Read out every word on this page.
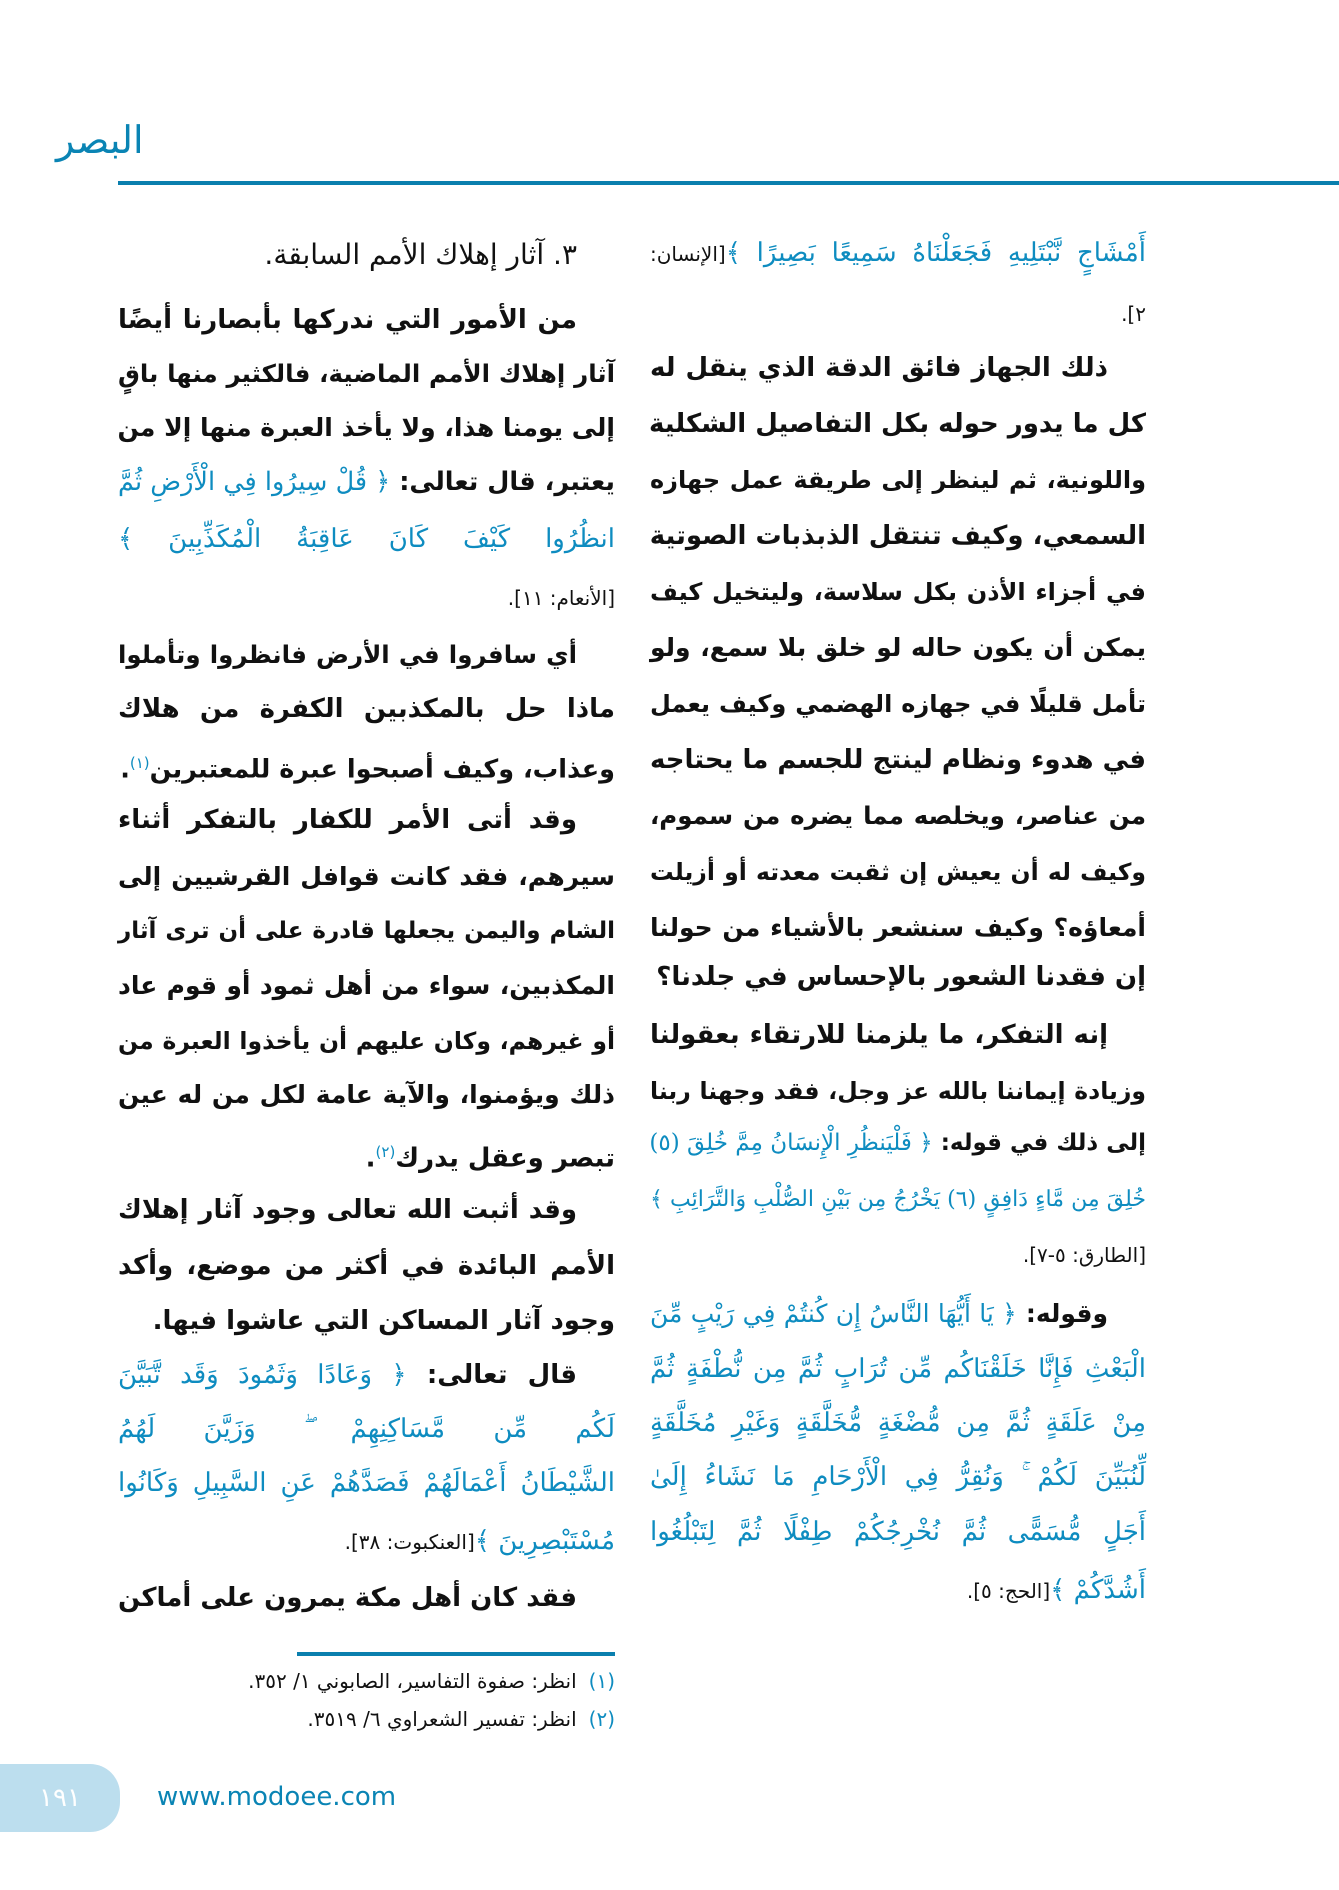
البصر
أَمْشَاجٍ نَّبْتَلِيهِ فَجَعَلْنَاهُ سَمِيعًا بَصِيرًا ﴾[الإنسان:
٢].
ذلك الجهاز فائق الدقة الذي ينقل له
كل ما يدور حوله بكل التفاصيل الشكلية
واللونية، ثم لينظر إلى طريقة عمل جهازه
السمعي، وكيف تنتقل الذبذبات الصوتية
في أجزاء الأذن بكل سلاسة، وليتخيل كيف
يمكن أن يكون حاله لو خلق بلا سمع، ولو
تأمل قليلًا في جهازه الهضمي وكيف يعمل
في هدوء ونظام لينتج للجسم ما يحتاجه
من عناصر، ويخلصه مما يضره من سموم،
وكيف له أن يعيش إن ثقبت معدته أو أزيلت
أمعاؤه؟ وكيف سنشعر بالأشياء من حولنا
إن فقدنا الشعور بالإحساس في جلدنا؟
إنه التفكر، ما يلزمنا للارتقاء بعقولنا
وزيادة إيماننا بالله عز وجل، فقد وجهنا ربنا
إلى ذلك في قوله: ﴿ فَلْيَنظُرِ الْإِنسَانُ مِمَّ خُلِقَ (٥)
خُلِقَ مِن مَّاءٍ دَافِقٍ (٦) يَخْرُجُ مِن بَيْنِ الصُّلْبِ وَالتَّرَائِبِ ﴾
[الطارق: ٥-٧].
وقوله: ﴿ يَا أَيُّهَا النَّاسُ إِن كُنتُمْ فِي رَيْبٍ مِّنَ
الْبَعْثِ فَإِنَّا خَلَقْنَاكُم مِّن تُرَابٍ ثُمَّ مِن نُّطْفَةٍ ثُمَّ
مِنْ عَلَقَةٍ ثُمَّ مِن مُّضْغَةٍ مُّخَلَّقَةٍ وَغَيْرِ مُخَلَّقَةٍ
لِّنُبَيِّنَ لَكُمْ ۚ وَنُقِرُّ فِي الْأَرْحَامِ مَا نَشَاءُ إِلَىٰ
أَجَلٍ مُّسَمًّى ثُمَّ نُخْرِجُكُمْ طِفْلًا ثُمَّ لِتَبْلُغُوا
أَشُدَّكُمْ ﴾[الحج: ٥].
٣. آثار إهلاك الأمم السابقة.
من الأمور التي ندركها بأبصارنا أيضًا
آثار إهلاك الأمم الماضية، فالكثير منها باقٍ
إلى يومنا هذا، ولا يأخذ العبرة منها إلا من
يعتبر، قال تعالى: ﴿ قُلْ سِيرُوا فِي الْأَرْضِ ثُمَّ
انظُرُوا كَيْفَ كَانَ عَاقِبَةُ الْمُكَذِّبِينَ ﴾
[الأنعام: ١١].
أي سافروا في الأرض فانظروا وتأملوا
ماذا حل بالمكذبين الكفرة من هلاك
وعذاب، وكيف أصبحوا عبرة للمعتبرين$^{(١)}$.
وقد أتى الأمر للكفار بالتفكر أثناء
سيرهم، فقد كانت قوافل القرشيين إلى
الشام واليمن يجعلها قادرة على أن ترى آثار
المكذبين، سواء من أهل ثمود أو قوم عاد
أو غيرهم، وكان عليهم أن يأخذوا العبرة من
ذلك ويؤمنوا، والآية عامة لكل من له عين
تبصر وعقل يدرك$^{(٢)}$.
وقد أثبت الله تعالى وجود آثار إهلاك
الأمم البائدة في أكثر من موضع، وأكد
وجود آثار المساكن التي عاشوا فيها.
قال تعالى: ﴿ وَعَادًا وَثَمُودَ وَقَد تَّبَيَّنَ
لَكُم مِّن مَّسَاكِنِهِمْ ۖ وَزَيَّنَ لَهُمُ
الشَّيْطَانُ أَعْمَالَهُمْ فَصَدَّهُمْ عَنِ السَّبِيلِ وَكَانُوا
مُسْتَبْصِرِينَ ﴾[العنكبوت: ٣٨].
فقد كان أهل مكة يمرون على أماكن
(١)انظر: صفوة التفاسير، الصابوني ١/ ٣٥٢.
(٢)انظر: تفسير الشعراوي ٦/ ٣٥١٩.
١٩١	www.modoee.com
